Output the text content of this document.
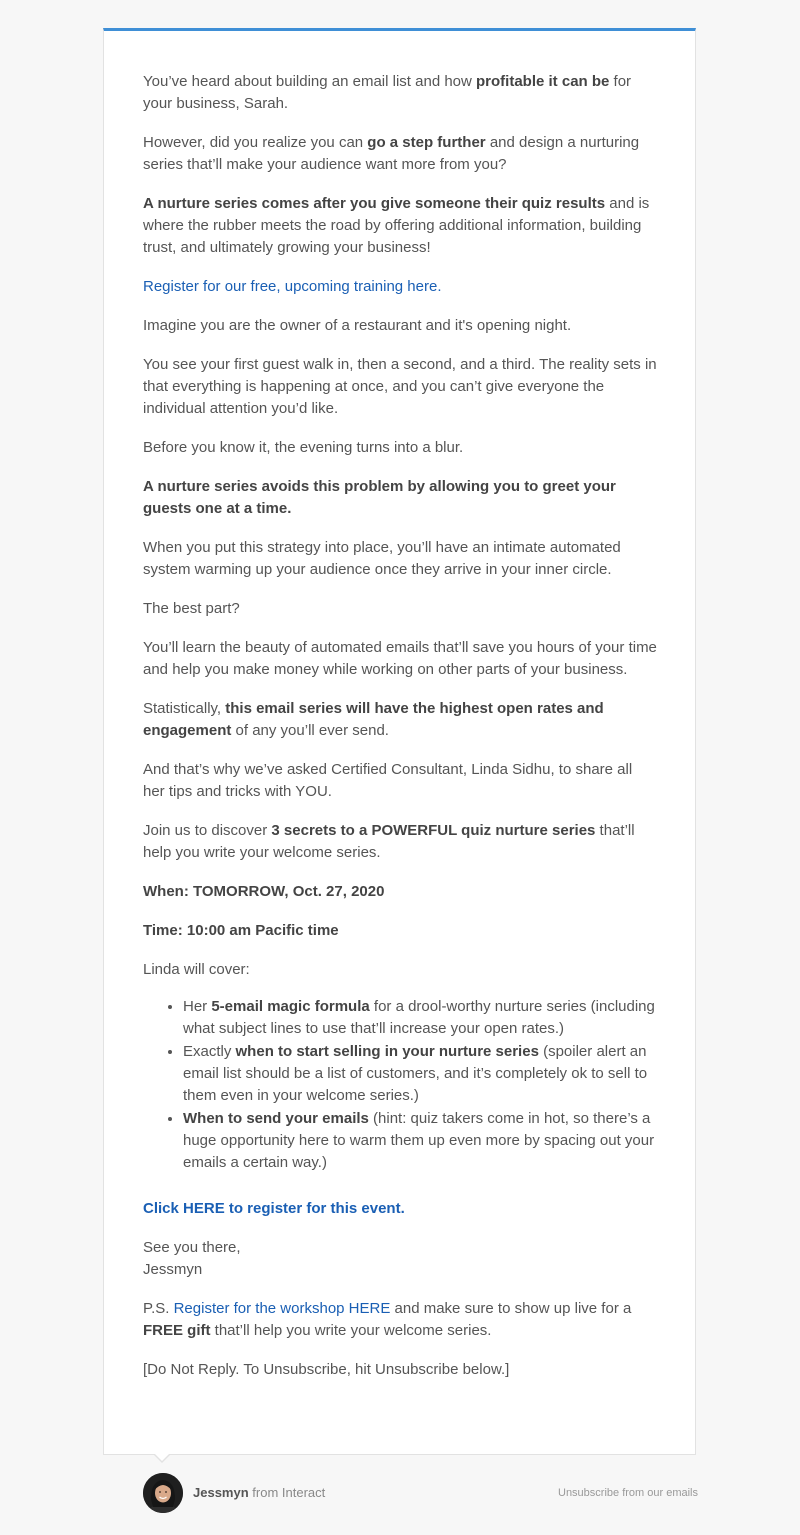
You’ve heard about building an email list and how profitable it can be for your business, Sarah.

However, did you realize you can go a step further and design a nurturing series that’ll make your audience want more from you?

A nurture series comes after you give someone their quiz results and is where the rubber meets the road by offering additional information, building trust, and ultimately growing your business!

Register for our free, upcoming training here.

Imagine you are the owner of a restaurant and it's opening night.

You see your first guest walk in, then a second, and a third. The reality sets in that everything is happening at once, and you can’t give everyone the individual attention you’d like.

Before you know it, the evening turns into a blur.

A nurture series avoids this problem by allowing you to greet your guests one at a time.

When you put this strategy into place, you’ll have an intimate automated system warming up your audience once they arrive in your inner circle.

The best part?

You’ll learn the beauty of automated emails that’ll save you hours of your time and help you make money while working on other parts of your business.

Statistically, this email series will have the highest open rates and engagement of any you’ll ever send.

And that’s why we’ve asked Certified Consultant, Linda Sidhu, to share all her tips and tricks with YOU.

Join us to discover 3 secrets to a POWERFUL quiz nurture series that’ll help you write your welcome series.

When: TOMORROW, Oct. 27, 2020

Time: 10:00 am Pacific time

Linda will cover:

• Her 5-email magic formula for a drool-worthy nurture series (including what subject lines to use that’ll increase your open rates.)
• Exactly when to start selling in your nurture series (spoiler alert an email list should be a list of customers, and it’s completely ok to sell to them even in your welcome series.)
• When to send your emails (hint: quiz takers come in hot, so there’s a huge opportunity here to warm them up even more by spacing out your emails a certain way.)

Click HERE to register for this event.

See you there,
Jessmyn

P.S. Register for the workshop HERE and make sure to show up live for a FREE gift that’ll help you write your welcome series.

[Do Not Reply. To Unsubscribe, hit Unsubscribe below.]

Jessmyn from Interact	Unsubscribe from our emails
